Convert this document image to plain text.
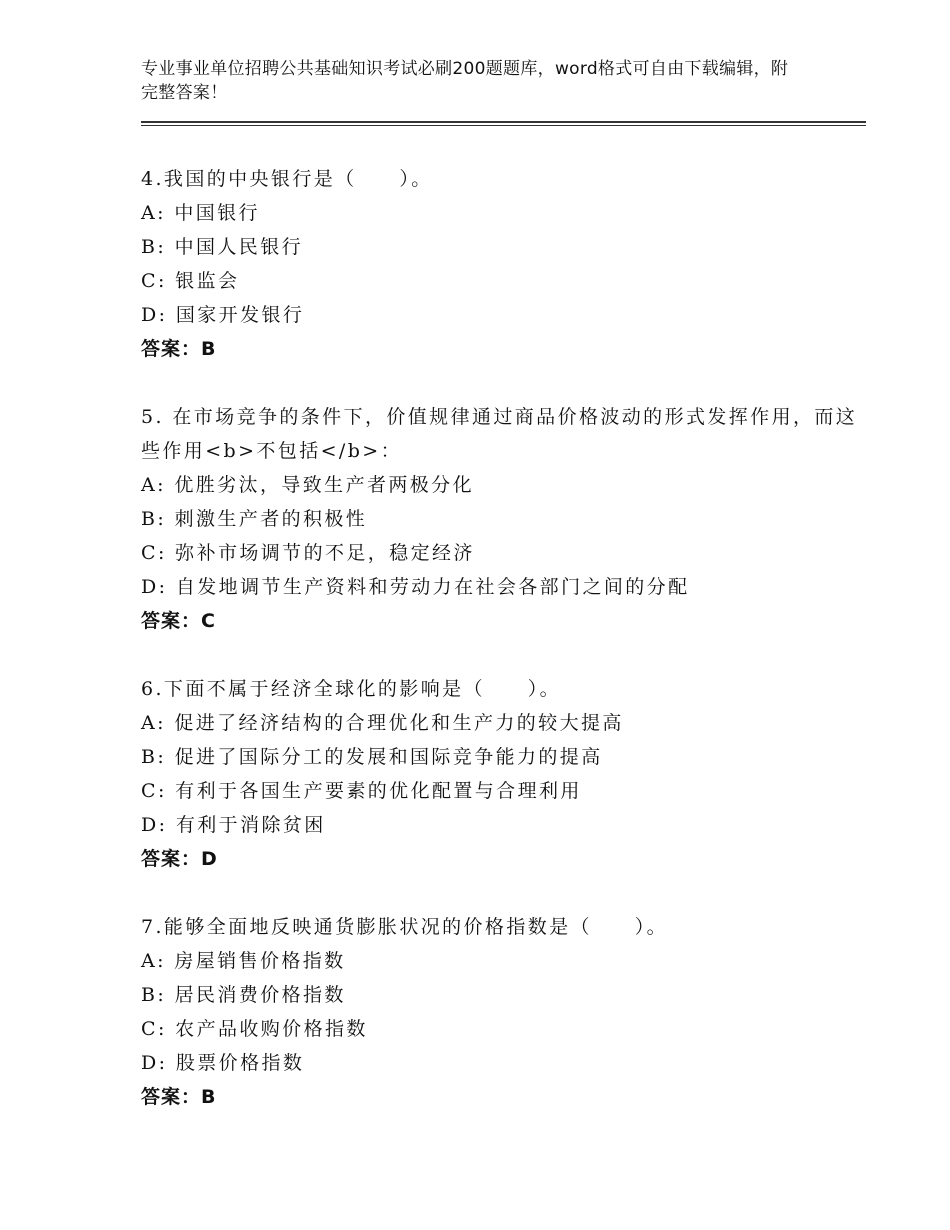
专业事业单位招聘公共基础知识考试必刷200题题库，word格式可自由下载编辑，附完整答案！
4.我国的中央银行是（　　）。
A: 中国银行
B: 中国人民银行
C: 银监会
D: 国家开发银行
答案：B
5. 在市场竞争的条件下，价值规律通过商品价格波动的形式发挥作用，而这些作用<b>不包括</b>：
A: 优胜劣汰，导致生产者两极分化
B: 刺激生产者的积极性
C: 弥补市场调节的不足，稳定经济
D: 自发地调节生产资料和劳动力在社会各部门之间的分配
答案：C
6.下面不属于经济全球化的影响是（　　）。
A: 促进了经济结构的合理优化和生产力的较大提高
B: 促进了国际分工的发展和国际竞争能力的提高
C: 有利于各国生产要素的优化配置与合理利用
D: 有利于消除贫困
答案：D
7.能够全面地反映通货膨胀状况的价格指数是（　　）。
A: 房屋销售价格指数
B: 居民消费价格指数
C: 农产品收购价格指数
D: 股票价格指数
答案：B
